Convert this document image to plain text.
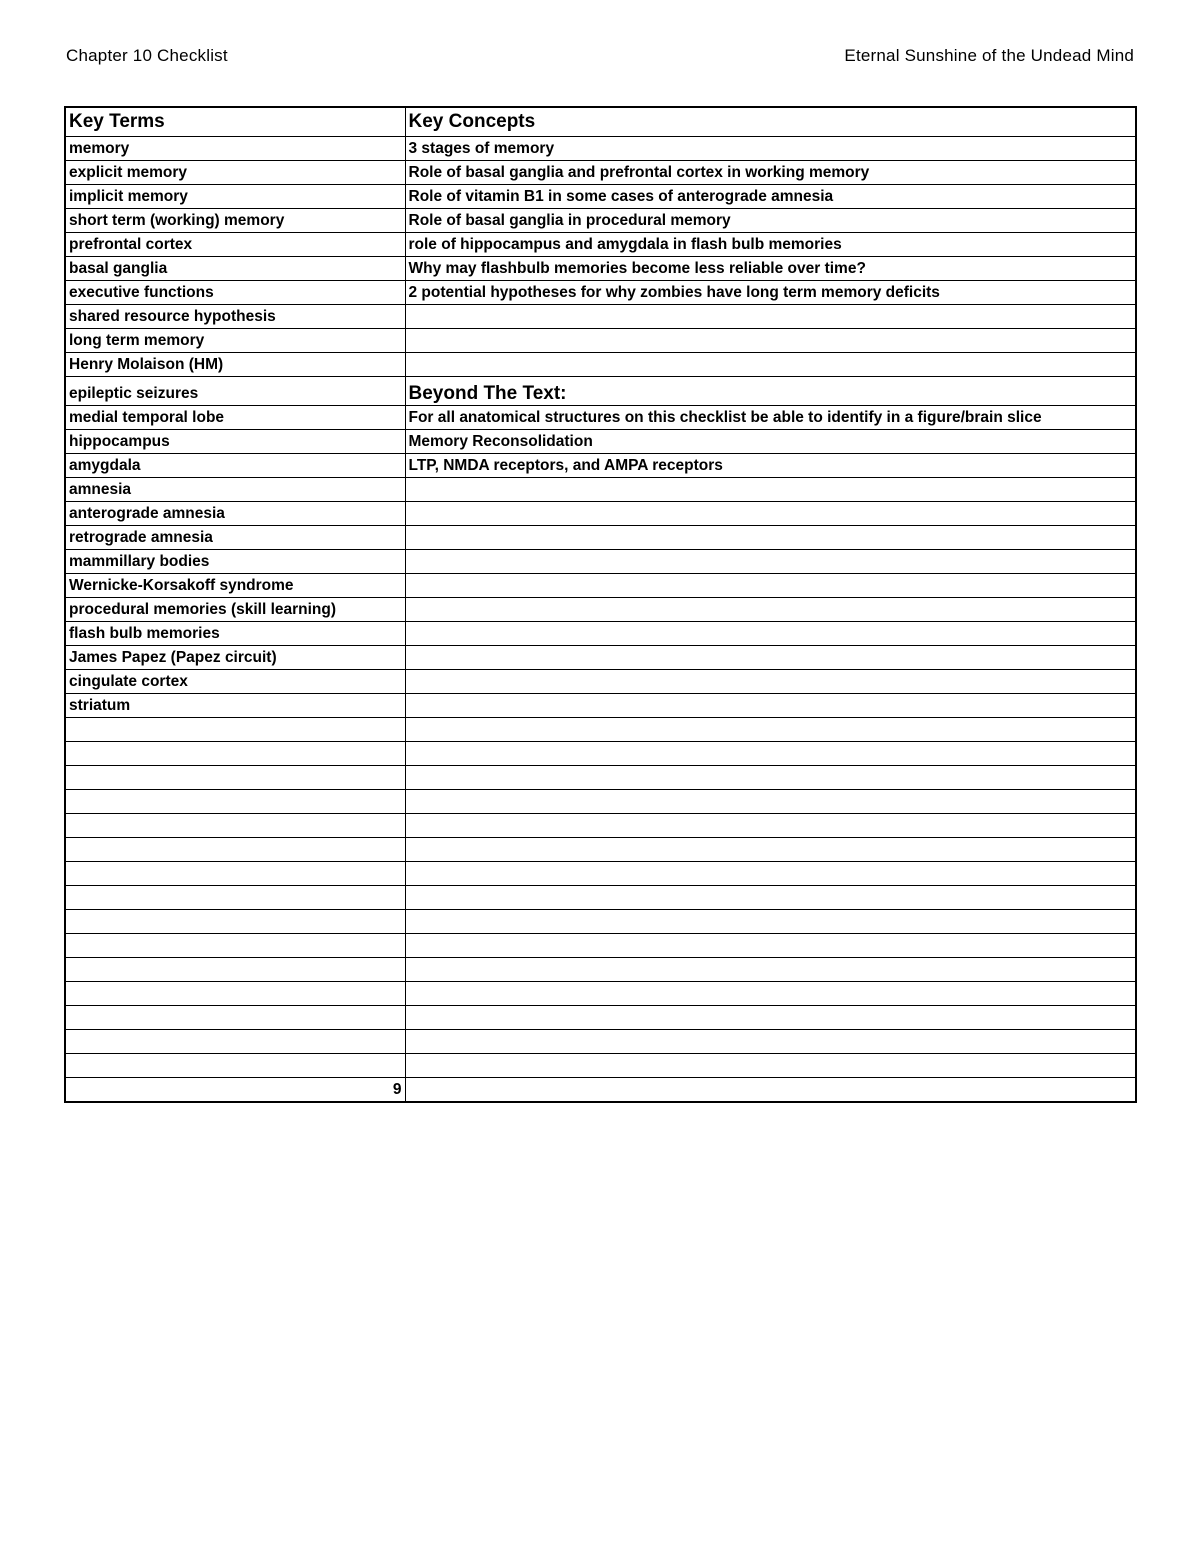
Chapter 10 Checklist	Eternal Sunshine of the Undead Mind
Key Terms	Key Concepts
memory	3 stages of memory
explicit memory	Role of basal ganglia and prefrontal cortex in working memory
implicit memory	Role of vitamin B1 in some cases of anterograde amnesia
short term (working) memory	Role of basal ganglia in procedural memory
prefrontal cortex	role of hippocampus and amygdala in flash bulb memories
basal ganglia	Why may flashbulb memories become less reliable over time?
executive functions	2 potential hypotheses for why zombies have long term memory deficits
shared resource hypothesis	
long term memory	
Henry Molaison (HM)	
epileptic seizures	Beyond The Text:
medial temporal lobe	For all anatomical structures on this checklist be able to identify in a figure/brain slice
hippocampus	Memory Reconsolidation
amygdala	LTP, NMDA receptors, and AMPA receptors
amnesia	
anterograde amnesia	
retrograde amnesia	
mammillary bodies	
Wernicke-Korsakoff syndrome	
procedural memories (skill learning)	
flash bulb memories	
James Papez (Papez circuit)	
cingulate cortex	
striatum	

9	
